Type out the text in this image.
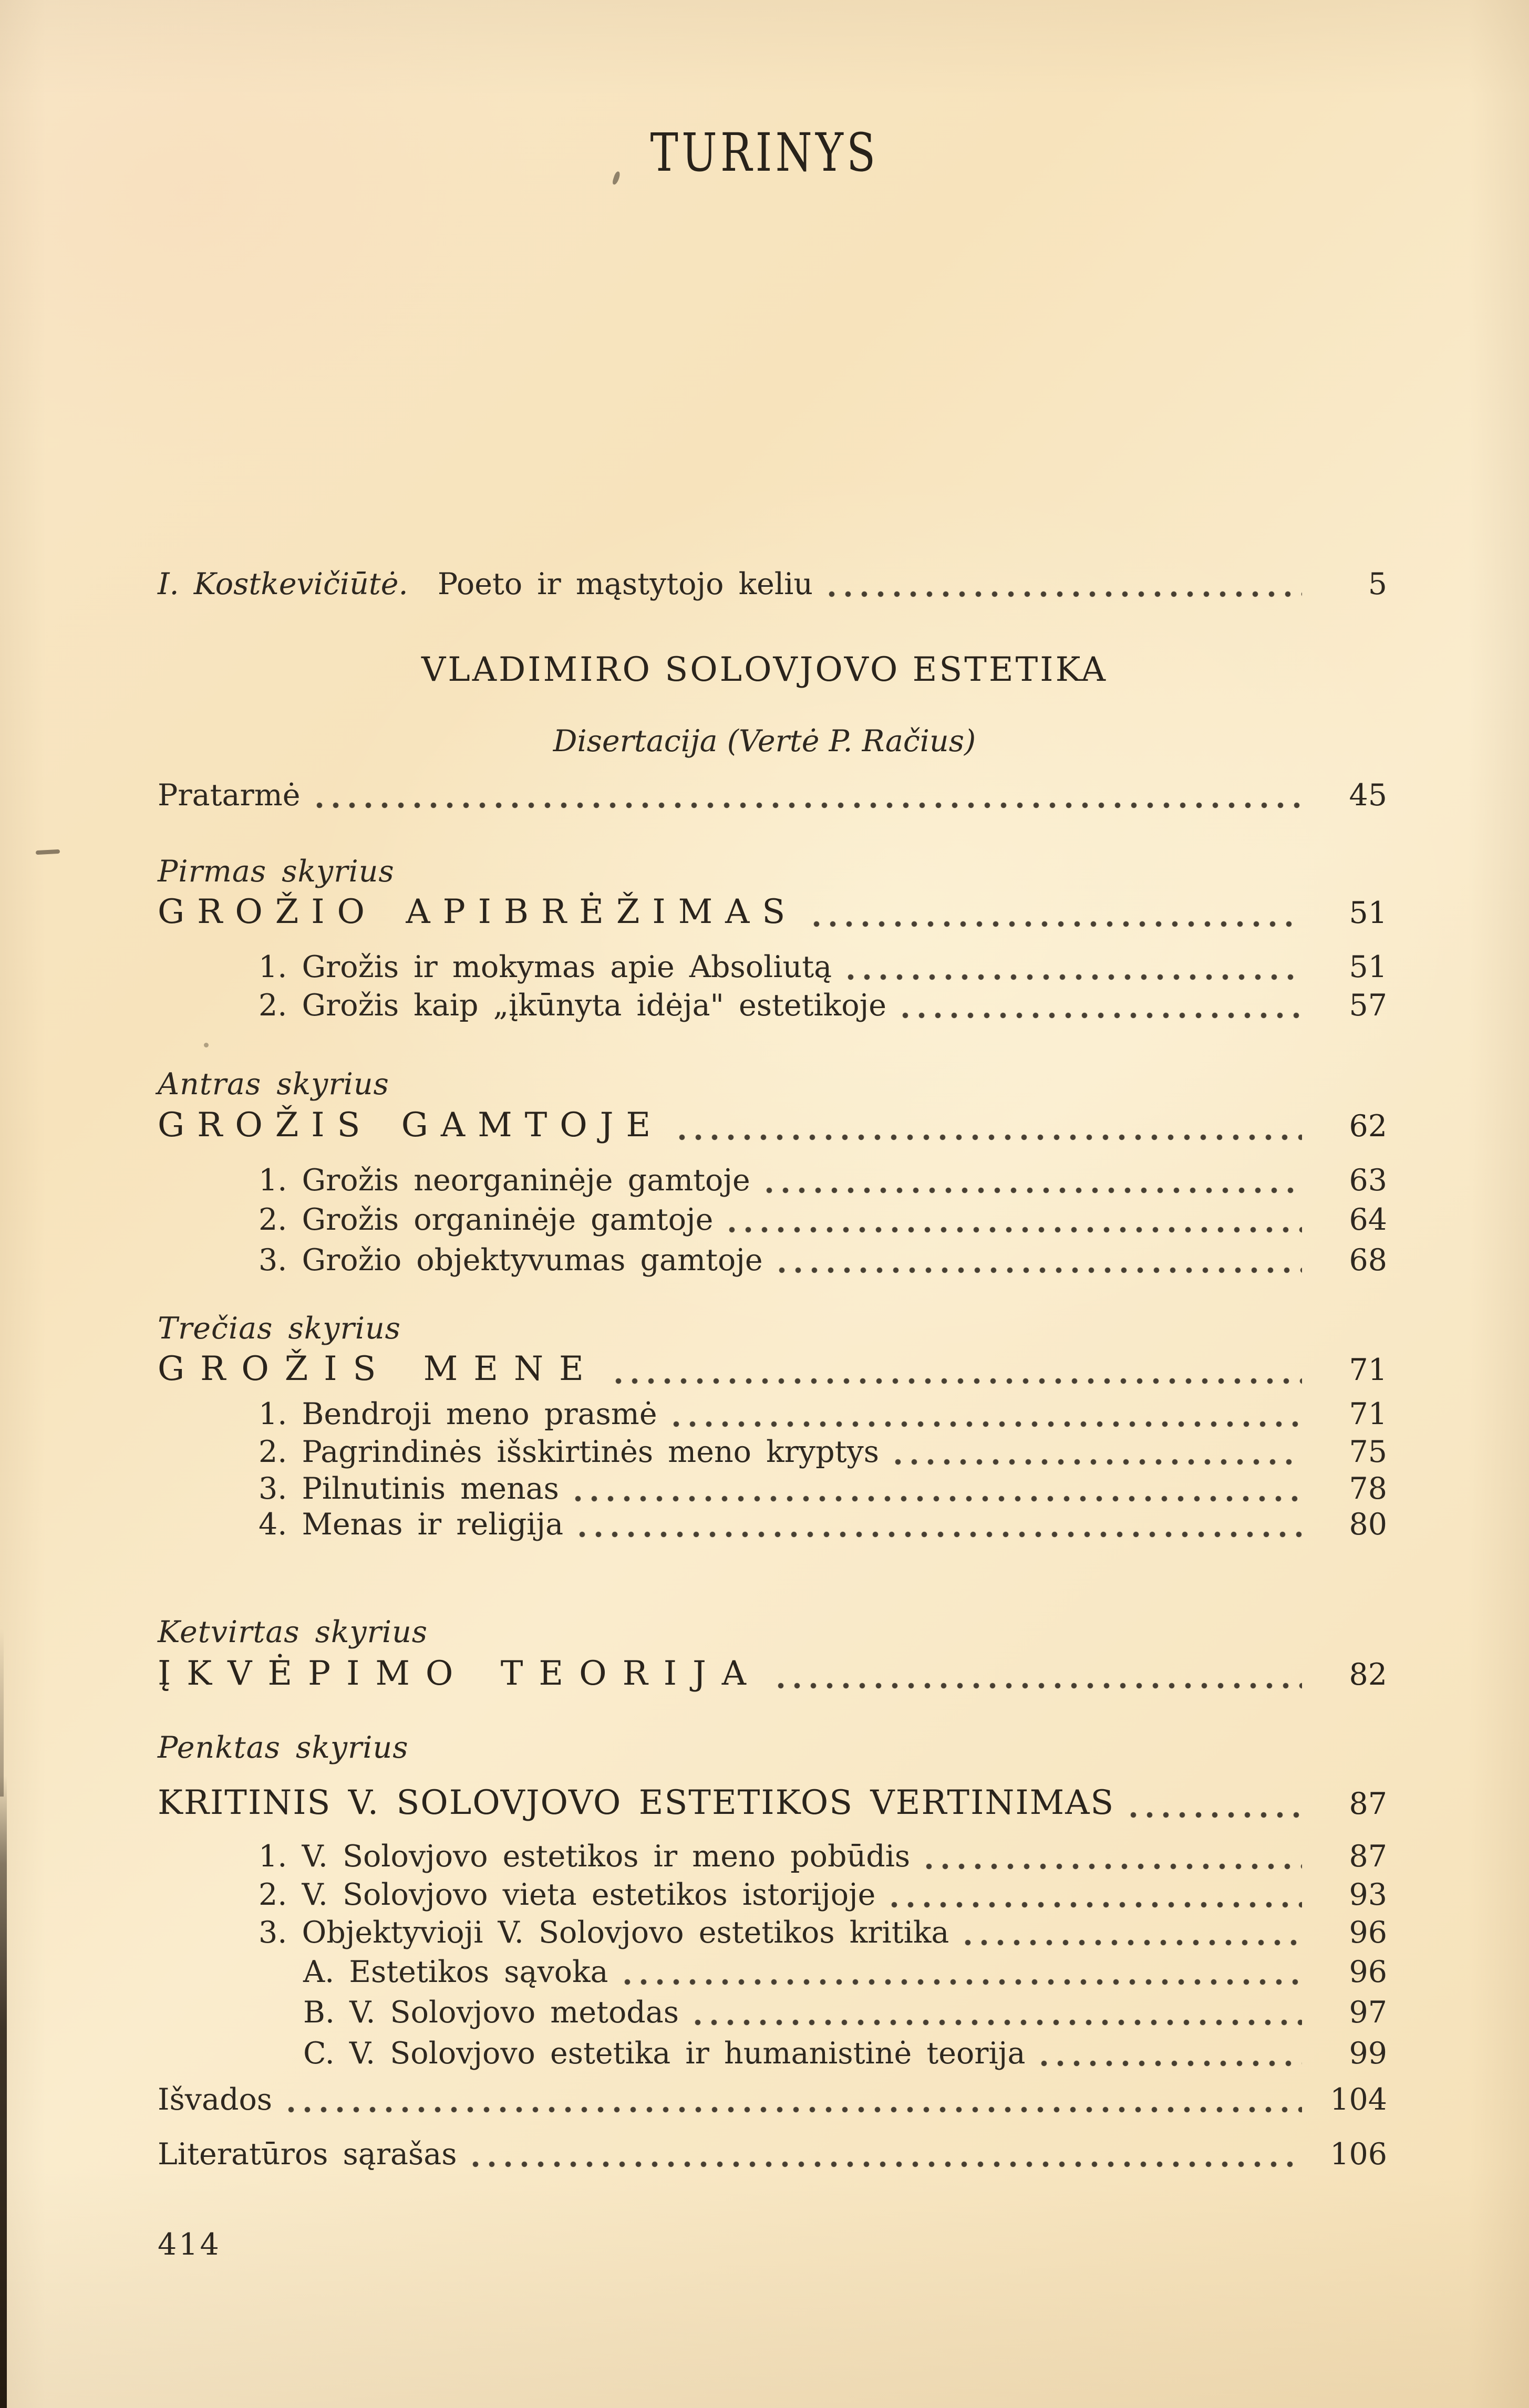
TURINYS
I. Kostkevičiūtė. Poeto ir mąstytojo keliu	5
VLADIMIRO SOLOVJOVO ESTETIKA
Disertacija (Vertė P. Račius)
Pratarmė	45
Pirmas skyrius
GROŽIO APIBRĖŽIMAS	51
1. Grožis ir mokymas apie Absoliutą	51
2. Grožis kaip „įkūnyta idėja" estetikoje	57
Antras skyrius
GROŽIS GAMTOJE	62
1. Grožis neorganinėje gamtoje	63
2. Grožis organinėje gamtoje	64
3. Grožio objektyvumas gamtoje	68
Trečias skyrius
GROŽIS MENE	71
1. Bendroji meno prasmė	71
2. Pagrindinės išskirtinės meno kryptys	75
3. Pilnutinis menas	78
4. Menas ir religija	80
Ketvirtas skyrius
ĮKVĖPIMO TEORIJA	82
Penktas skyrius
KRITINIS V. SOLOVJOVO ESTETIKOS VERTINIMAS	87
1. V. Solovjovo estetikos ir meno pobūdis	87
2. V. Solovjovo vieta estetikos istorijoje	93
3. Objektyvioji V. Solovjovo estetikos kritika	96
A. Estetikos sąvoka	96
B. V. Solovjovo metodas	97
C. V. Solovjovo estetika ir humanistinė teorija	99
Išvados	104
Literatūros sąrašas	106
414
